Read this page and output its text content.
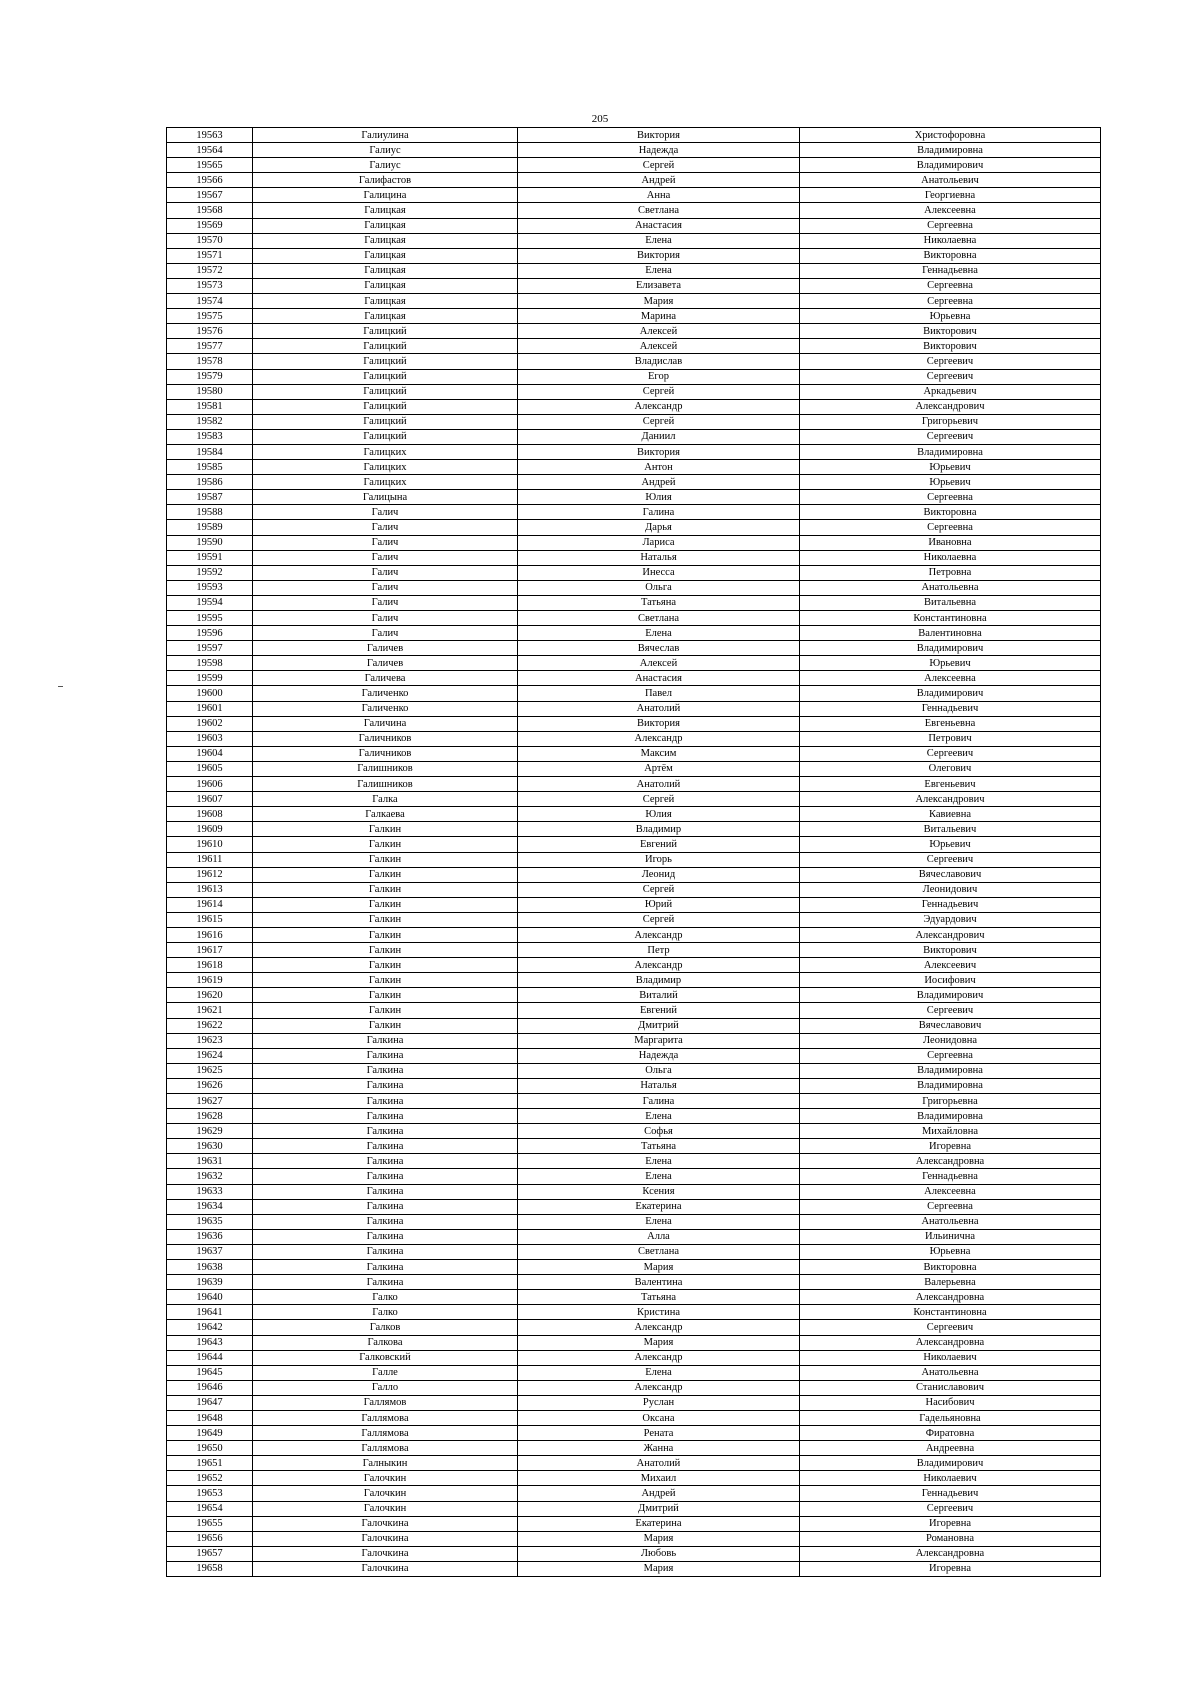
205
19563	Галиулина	Виктория	Христофоровна
19564	Галиус	Надежда	Владимировна
19565	Галиус	Сергей	Владимирович
19566	Галифастов	Андрей	Анатольевич
19567	Галицина	Анна	Георгиевна
19568	Галицкая	Светлана	Алексеевна
19569	Галицкая	Анастасия	Сергеевна
19570	Галицкая	Елена	Николаевна
19571	Галицкая	Виктория	Викторовна
19572	Галицкая	Елена	Геннадьевна
19573	Галицкая	Елизавета	Сергеевна
19574	Галицкая	Мария	Сергеевна
19575	Галицкая	Марина	Юрьевна
19576	Галицкий	Алексей	Викторович
19577	Галицкий	Алексей	Викторович
19578	Галицкий	Владислав	Сергеевич
19579	Галицкий	Егор	Сергеевич
19580	Галицкий	Сергей	Аркадьевич
19581	Галицкий	Александр	Александрович
19582	Галицкий	Сергей	Григорьевич
19583	Галицкий	Даниил	Сергеевич
19584	Галицких	Виктория	Владимировна
19585	Галицких	Антон	Юрьевич
19586	Галицких	Андрей	Юрьевич
19587	Галицына	Юлия	Сергеевна
19588	Галич	Галина	Викторовна
19589	Галич	Дарья	Сергеевна
19590	Галич	Лариса	Ивановна
19591	Галич	Наталья	Николаевна
19592	Галич	Инесса	Петровна
19593	Галич	Ольга	Анатольевна
19594	Галич	Татьяна	Витальевна
19595	Галич	Светлана	Константиновна
19596	Галич	Елена	Валентиновна
19597	Галичев	Вячеслав	Владимирович
19598	Галичев	Алексей	Юрьевич
19599	Галичева	Анастасия	Алексеевна
19600	Галиченко	Павел	Владимирович
19601	Галиченко	Анатолий	Геннадьевич
19602	Галичина	Виктория	Евгеньевна
19603	Галичников	Александр	Петрович
19604	Галичников	Максим	Сергеевич
19605	Галишников	Артём	Олегович
19606	Галишников	Анатолий	Евгеньевич
19607	Галка	Сергей	Александрович
19608	Галкаева	Юлия	Кавиевна
19609	Галкин	Владимир	Витальевич
19610	Галкин	Евгений	Юрьевич
19611	Галкин	Игорь	Сергеевич
19612	Галкин	Леонид	Вячеславович
19613	Галкин	Сергей	Леонидович
19614	Галкин	Юрий	Геннадьевич
19615	Галкин	Сергей	Эдуардович
19616	Галкин	Александр	Александрович
19617	Галкин	Петр	Викторович
19618	Галкин	Александр	Алексеевич
19619	Галкин	Владимир	Иосифович
19620	Галкин	Виталий	Владимирович
19621	Галкин	Евгений	Сергеевич
19622	Галкин	Дмитрий	Вячеславович
19623	Галкина	Маргарита	Леонидовна
19624	Галкина	Надежда	Сергеевна
19625	Галкина	Ольга	Владимировна
19626	Галкина	Наталья	Владимировна
19627	Галкина	Галина	Григорьевна
19628	Галкина	Елена	Владимировна
19629	Галкина	Софья	Михайловна
19630	Галкина	Татьяна	Игоревна
19631	Галкина	Елена	Александровна
19632	Галкина	Елена	Геннадьевна
19633	Галкина	Ксения	Алексеевна
19634	Галкина	Екатерина	Сергеевна
19635	Галкина	Елена	Анатольевна
19636	Галкина	Алла	Ильинична
19637	Галкина	Светлана	Юрьевна
19638	Галкина	Мария	Викторовна
19639	Галкина	Валентина	Валерьевна
19640	Галко	Татьяна	Александровна
19641	Галко	Кристина	Константиновна
19642	Галков	Александр	Сергеевич
19643	Галкова	Мария	Александровна
19644	Галковский	Александр	Николаевич
19645	Галле	Елена	Анатольевна
19646	Галло	Александр	Станиславович
19647	Галлямов	Руслан	Насибович
19648	Галлямова	Оксана	Гадельяновна
19649	Галлямова	Рената	Фиратовна
19650	Галлямова	Жанна	Андреевна
19651	Галныкин	Анатолий	Владимирович
19652	Галочкин	Михаил	Николаевич
19653	Галочкин	Андрей	Геннадьевич
19654	Галочкин	Дмитрий	Сергеевич
19655	Галочкина	Екатерина	Игоревна
19656	Галочкина	Мария	Романовна
19657	Галочкина	Любовь	Александровна
19658	Галочкина	Мария	Игоревна
